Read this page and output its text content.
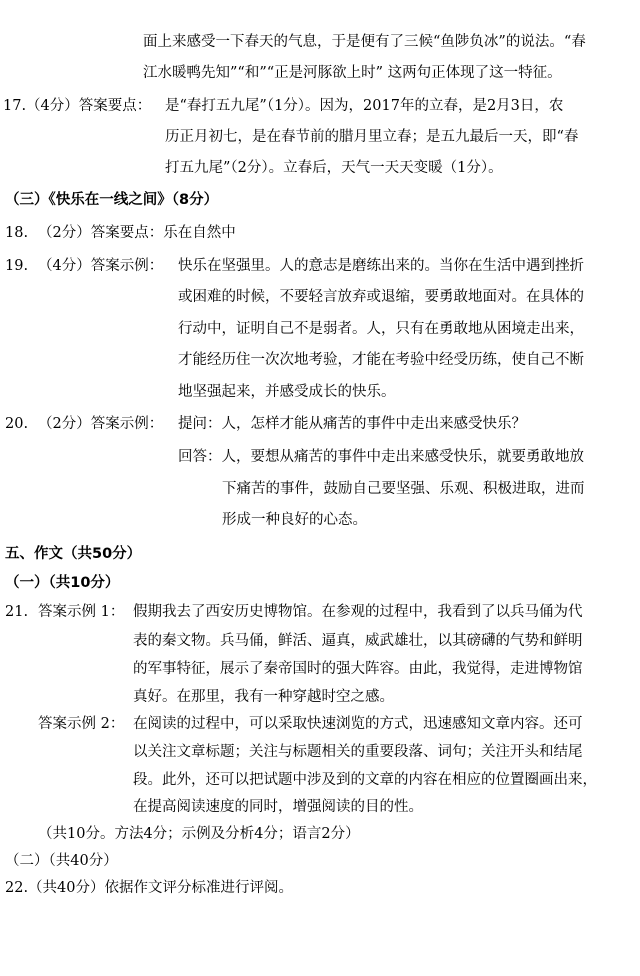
面上来感受一下春天的气息，于是便有了三候“鱼陟负冰”的说法。“春
江水暖鸭先知”“和”“正是河豚欲上时” 这两句正体现了这一特征。
17.（4分）答案要点： 是“春打五九尾”（1分）。因为，2017年的立春，是2月3日，农
历正月初七，是在春节前的腊月里立春；是五九最后一天，即“春
打五九尾”（2分）。立春后，天气一天天变暖（1分）。
（三）《快乐在一线之间》（8分）
18. （2分）答案要点：乐在自然中
19. （4分）答案示例： 快乐在坚强里。人的意志是磨练出来的。当你在生活中遇到挫折
或困难的时候，不要轻言放弃或退缩，要勇敢地面对。在具体的
行动中，证明自己不是弱者。人，只有在勇敢地从困境走出来，
才能经历住一次次地考验，才能在考验中经受历练，使自己不断
地坚强起来，并感受成长的快乐。
20. （2分）答案示例： 提问：人，怎样才能从痛苦的事件中走出来感受快乐？
回答：人，要想从痛苦的事件中走出来感受快乐，就要勇敢地放
下痛苦的事件，鼓励自己要坚强、乐观、积极进取，进而
形成一种良好的心态。
五、作文（共50分）
（一）（共10分）
21. 答案示例 1： 假期我去了西安历史博物馆。在参观的过程中，我看到了以兵马俑为代
表的秦文物。兵马俑，鲜活、逼真，威武雄壮，以其磅礴的气势和鲜明
的军事特征，展示了秦帝国时的强大阵容。由此，我觉得，走进博物馆
真好。在那里，我有一种穿越时空之感。
答案示例 2： 在阅读的过程中，可以采取快速浏览的方式，迅速感知文章内容。还可
以关注文章标题；关注与标题相关的重要段落、词句；关注开头和结尾
段。此外，还可以把试题中涉及到的文章的内容在相应的位置圈画出来，
在提高阅读速度的同时，增强阅读的目的性。
（共10分。方法4分；示例及分析4分；语言2分）
（二）（共40分）
22.（共40分）依据作文评分标准进行评阅。
